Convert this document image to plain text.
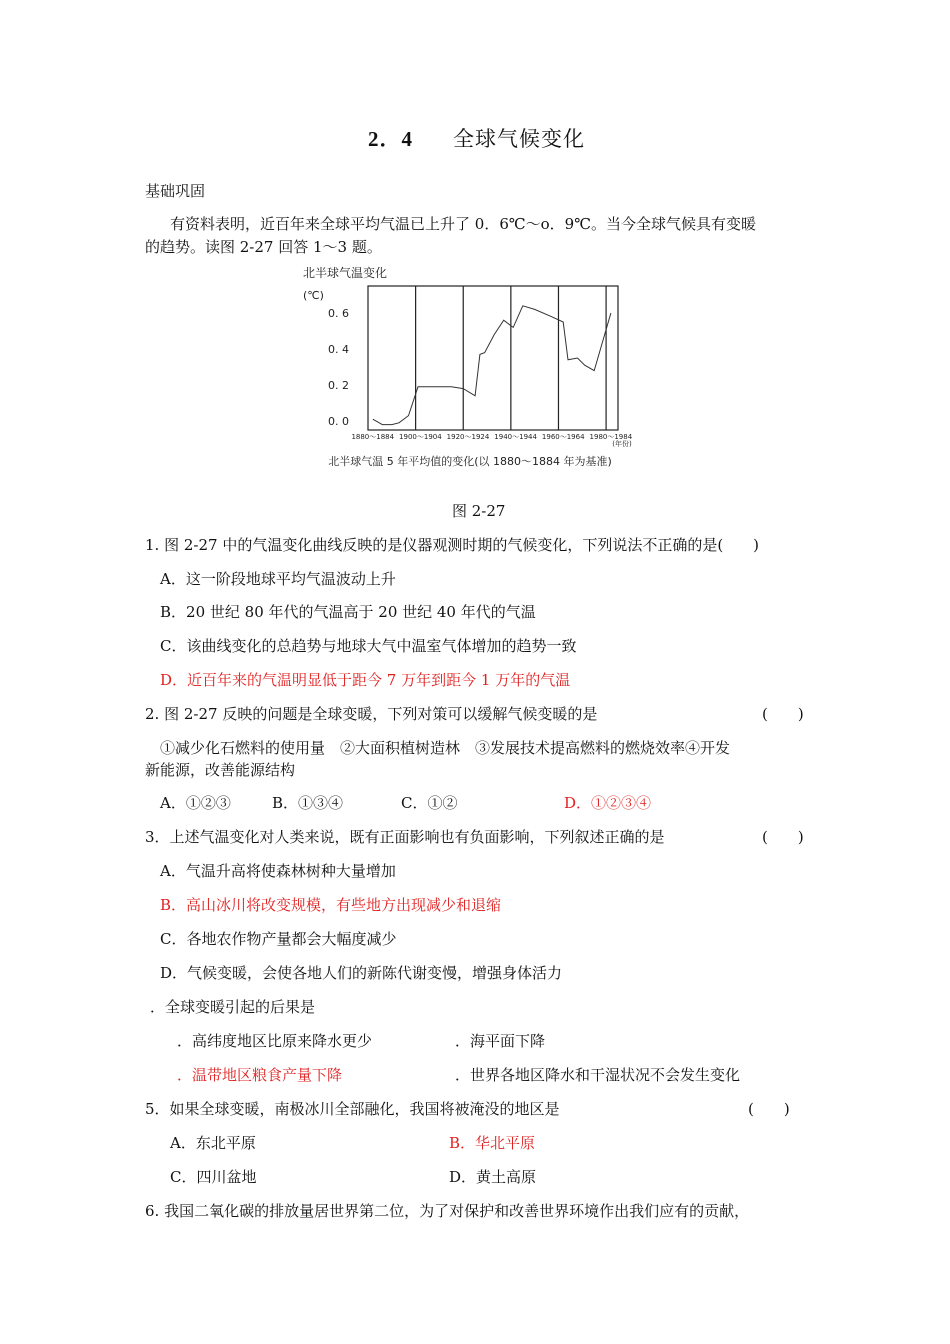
2．4 全球气候变化
基础巩固
有资料表明，近百年来全球平均气温已上升了 0．6℃～o．9℃。当今全球气候具有变暖
的趋势。读图 2-27 回答 1～3 题。
北半球气温变化
(℃)
0. 0
0. 2
0. 4
0. 6
1880～1884 1900～1904 1920～1924 1940～1944 1960～1964 1980～1984
(年份)
北半球气温 5 年平均值的变化(以 1880～1884 年为基准)
图 2-27
1. 图 2-27 中的气温变化曲线反映的是仪器观测时期的气候变化，下列说法不正确的是(　　)
A．这一阶段地球平均气温波动上升
B．20 世纪 80 年代的气温高于 20 世纪 40 年代的气温
C．该曲线变化的总趋势与地球大气中温室气体增加的趋势一致
D．近百年来的气温明显低于距今 7 万年到距今 1 万年的气温
2. 图 2-27 反映的问题是全球变暖，下列对策可以缓解气候变暖的是	(　　)
①减少化石燃料的使用量　②大面积植树造林　③发展技术提高燃料的燃烧效率④开发
新能源，改善能源结构
A．①②③	B．①③④	C．①②	D．①②③④
3．上述气温变化对人类来说，既有正面影响也有负面影响，下列叙述正确的是	(　　)
A．气温升高将使森林树种大量增加
B．高山冰川将改变规模，有些地方出现减少和退缩
C．各地农作物产量都会大幅度减少
D．气候变暖，会使各地人们的新陈代谢变慢，增强身体活力
．全球变暖引起的后果是
．高纬度地区比原来降水更少	．海平面下降
．温带地区粮食产量下降	．世界各地区降水和干湿状况不会发生变化
5．如果全球变暖，南极冰川全部融化，我国将被淹没的地区是	(　　)
A．东北平原	B．华北平原
C．四川盆地	D．黄土高原
6. 我国二氧化碳的排放量居世界第二位，为了对保护和改善世界环境作出我们应有的贡献，
